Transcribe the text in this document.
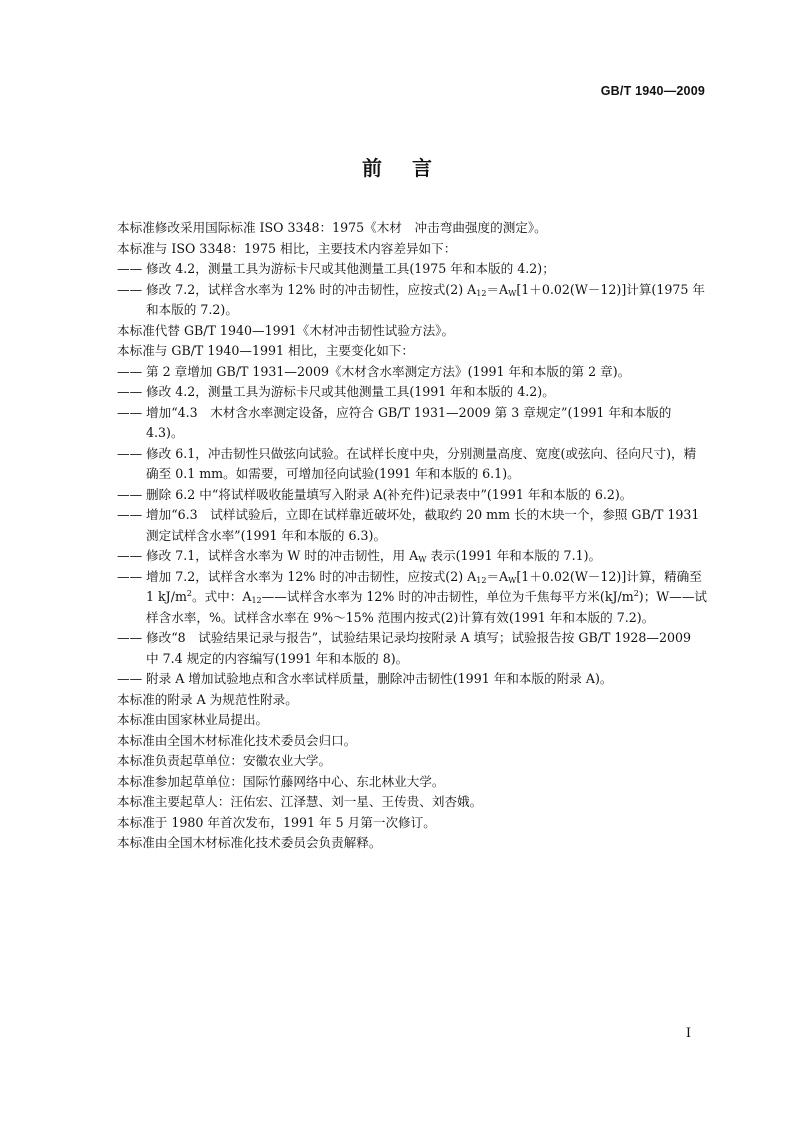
GB/T 1940—2009
前言

本标准修改采用国际标准 ISO 3348：1975《木材　冲击弯曲强度的测定》。

本标准与 ISO 3348：1975 相比，主要技术内容差异如下：

—— 修改 4.2，测量工具为游标卡尺或其他测量工具(1975 年和本版的 4.2)；

—— 修改 7.2，试样含水率为 12% 时的冲击韧性，应按式(2) $A_{12}=A_W[1+0.02(W-12)]$计算(1975 年和本版的 7.2)。

本标准代替 GB/T 1940—1991《木材冲击韧性试验方法》。

本标准与 GB/T 1940—1991 相比，主要变化如下：

—— 第 2 章增加 GB/T 1931—2009《木材含水率测定方法》(1991 年和本版的第 2 章)。

—— 修改 4.2，测量工具为游标卡尺或其他测量工具(1991 年和本版的 4.2)。

—— 增加“4.3　木材含水率测定设备，应符合 GB/T 1931—2009 第 3 章规定”(1991 年和本版的 4.3)。

—— 修改 6.1，冲击韧性只做弦向试验。在试样长度中央，分别测量高度、宽度(或弦向、径向尺寸)，精确至 0.1 mm。如需要，可增加径向试验(1991 年和本版的 6.1)。

—— 删除 6.2 中“将试样吸收能量填写入附录 A(补充件)记录表中”(1991 年和本版的 6.2)。

—— 增加“6.3　试样试验后，立即在试样靠近破坏处，截取约 20 mm 长的木块一个，参照 GB/T 1931 测定试样含水率”(1991 年和本版的 6.3)。

—— 修改 7.1，试样含水率为 W 时的冲击韧性，用 $A_W$ 表示(1991 年和本版的 7.1)。

—— 增加 7.2，试样含水率为 12% 时的冲击韧性，应按式(2) $A_{12}=A_W[1+0.02(W-12)]$计算，精确至 1 $kJ/m^2$。式中：$A_{12}——$试样含水率为 12% 时的冲击韧性，单位为千焦每平方米$(kJ/m^2)$；W——试样含水率，%。试样含水率在 9%～15% 范围内按式(2)计算有效(1991 年和本版的 7.2)。

—— 修改“8　试验结果记录与报告”，试验结果记录均按附录 A 填写；试验报告按 GB/T 1928—2009 中 7.4 规定的内容编写(1991 年和本版的 8)。

—— 附录 A 增加试验地点和含水率试样质量，删除冲击韧性(1991 年和本版的附录 A)。

本标准的附录 A 为规范性附录。

本标准由国家林业局提出。

本标准由全国木材标准化技术委员会归口。

本标准负责起草单位：安徽农业大学。

本标准参加起草单位：国际竹藤网络中心、东北林业大学。

本标准主要起草人：汪佑宏、江泽慧、刘一星、王传贵、刘杏娥。

本标准于 1980 年首次发布，1991 年 5 月第一次修订。

本标准由全国木材标准化技术委员会负责解释。

I
